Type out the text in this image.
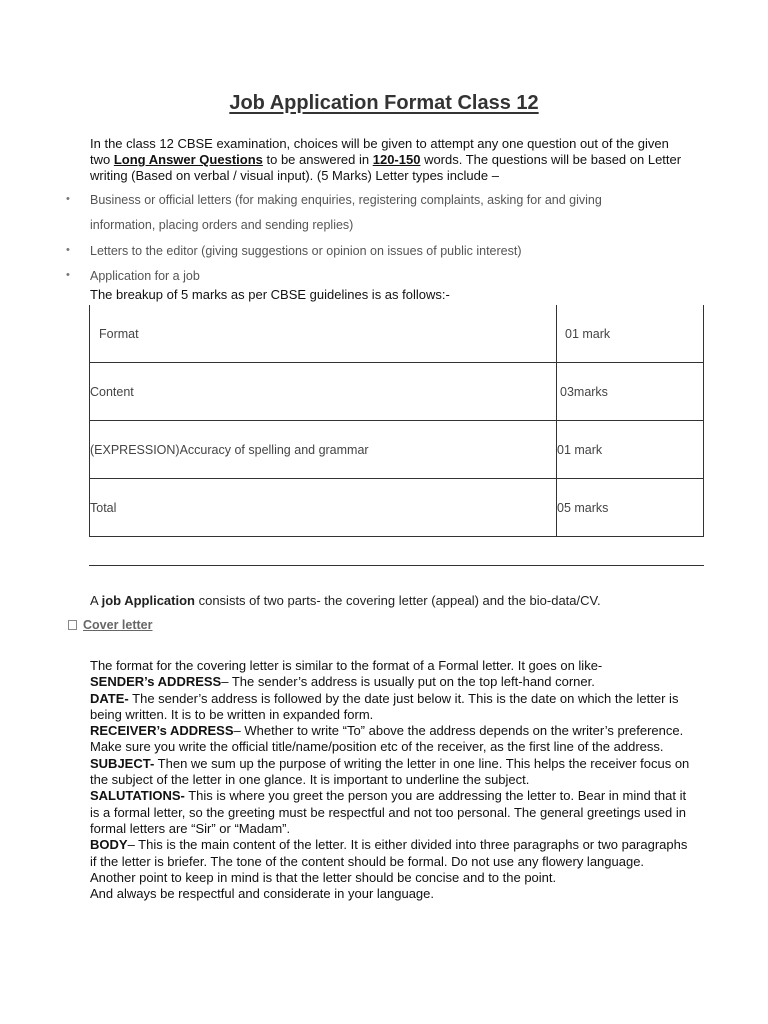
Job Application Format Class 12
In the class 12 CBSE examination, choices will be given to attempt any one question out of the given two Long Answer Questions to be answered in 120-150 words. The questions will be based on Letter writing (Based on verbal / visual input). (5 Marks) Letter types include –
• Business or official letters (for making enquiries, registering complaints, asking for and giving
information, placing orders and sending replies)
• Letters to the editor (giving suggestions or opinion on issues of public interest)
• Application for a job
The breakup of 5 marks as per CBSE guidelines is as follows:-
Format	01 mark
Content	03marks
(EXPRESSION)Accuracy of spelling and grammar	01 mark
Total	05 marks
A job Application consists of two parts- the covering letter (appeal) and the bio-data/CV.
Cover letter

The format for the covering letter is similar to the format of a Formal letter. It goes on like-

SENDER’s ADDRESS– The sender’s address is usually put on the top left-hand corner.

DATE- The sender’s address is followed by the date just below it. This is the date on which the letter is being written. It is to be written in expanded form.

RECEIVER’s ADDRESS– Whether to write “To” above the address depends on the writer’s preference. Make sure you write the official title/name/position etc of the receiver, as the first line of the address.

SUBJECT- Then we sum up the purpose of writing the letter in one line. This helps the receiver focus on the subject of the letter in one glance. It is important to underline the subject.

SALUTATIONS- This is where you greet the person you are addressing the letter to. Bear in mind that it is a formal letter, so the greeting must be respectful and not too personal. The general greetings used in formal letters are “Sir” or “Madam”.

BODY– This is the main content of the letter. It is either divided into three paragraphs or two paragraphs if the letter is briefer. The tone of the content should be formal. Do not use any flowery language. Another point to keep in mind is that the letter should be concise and to the point.

And always be respectful and considerate in your language.
